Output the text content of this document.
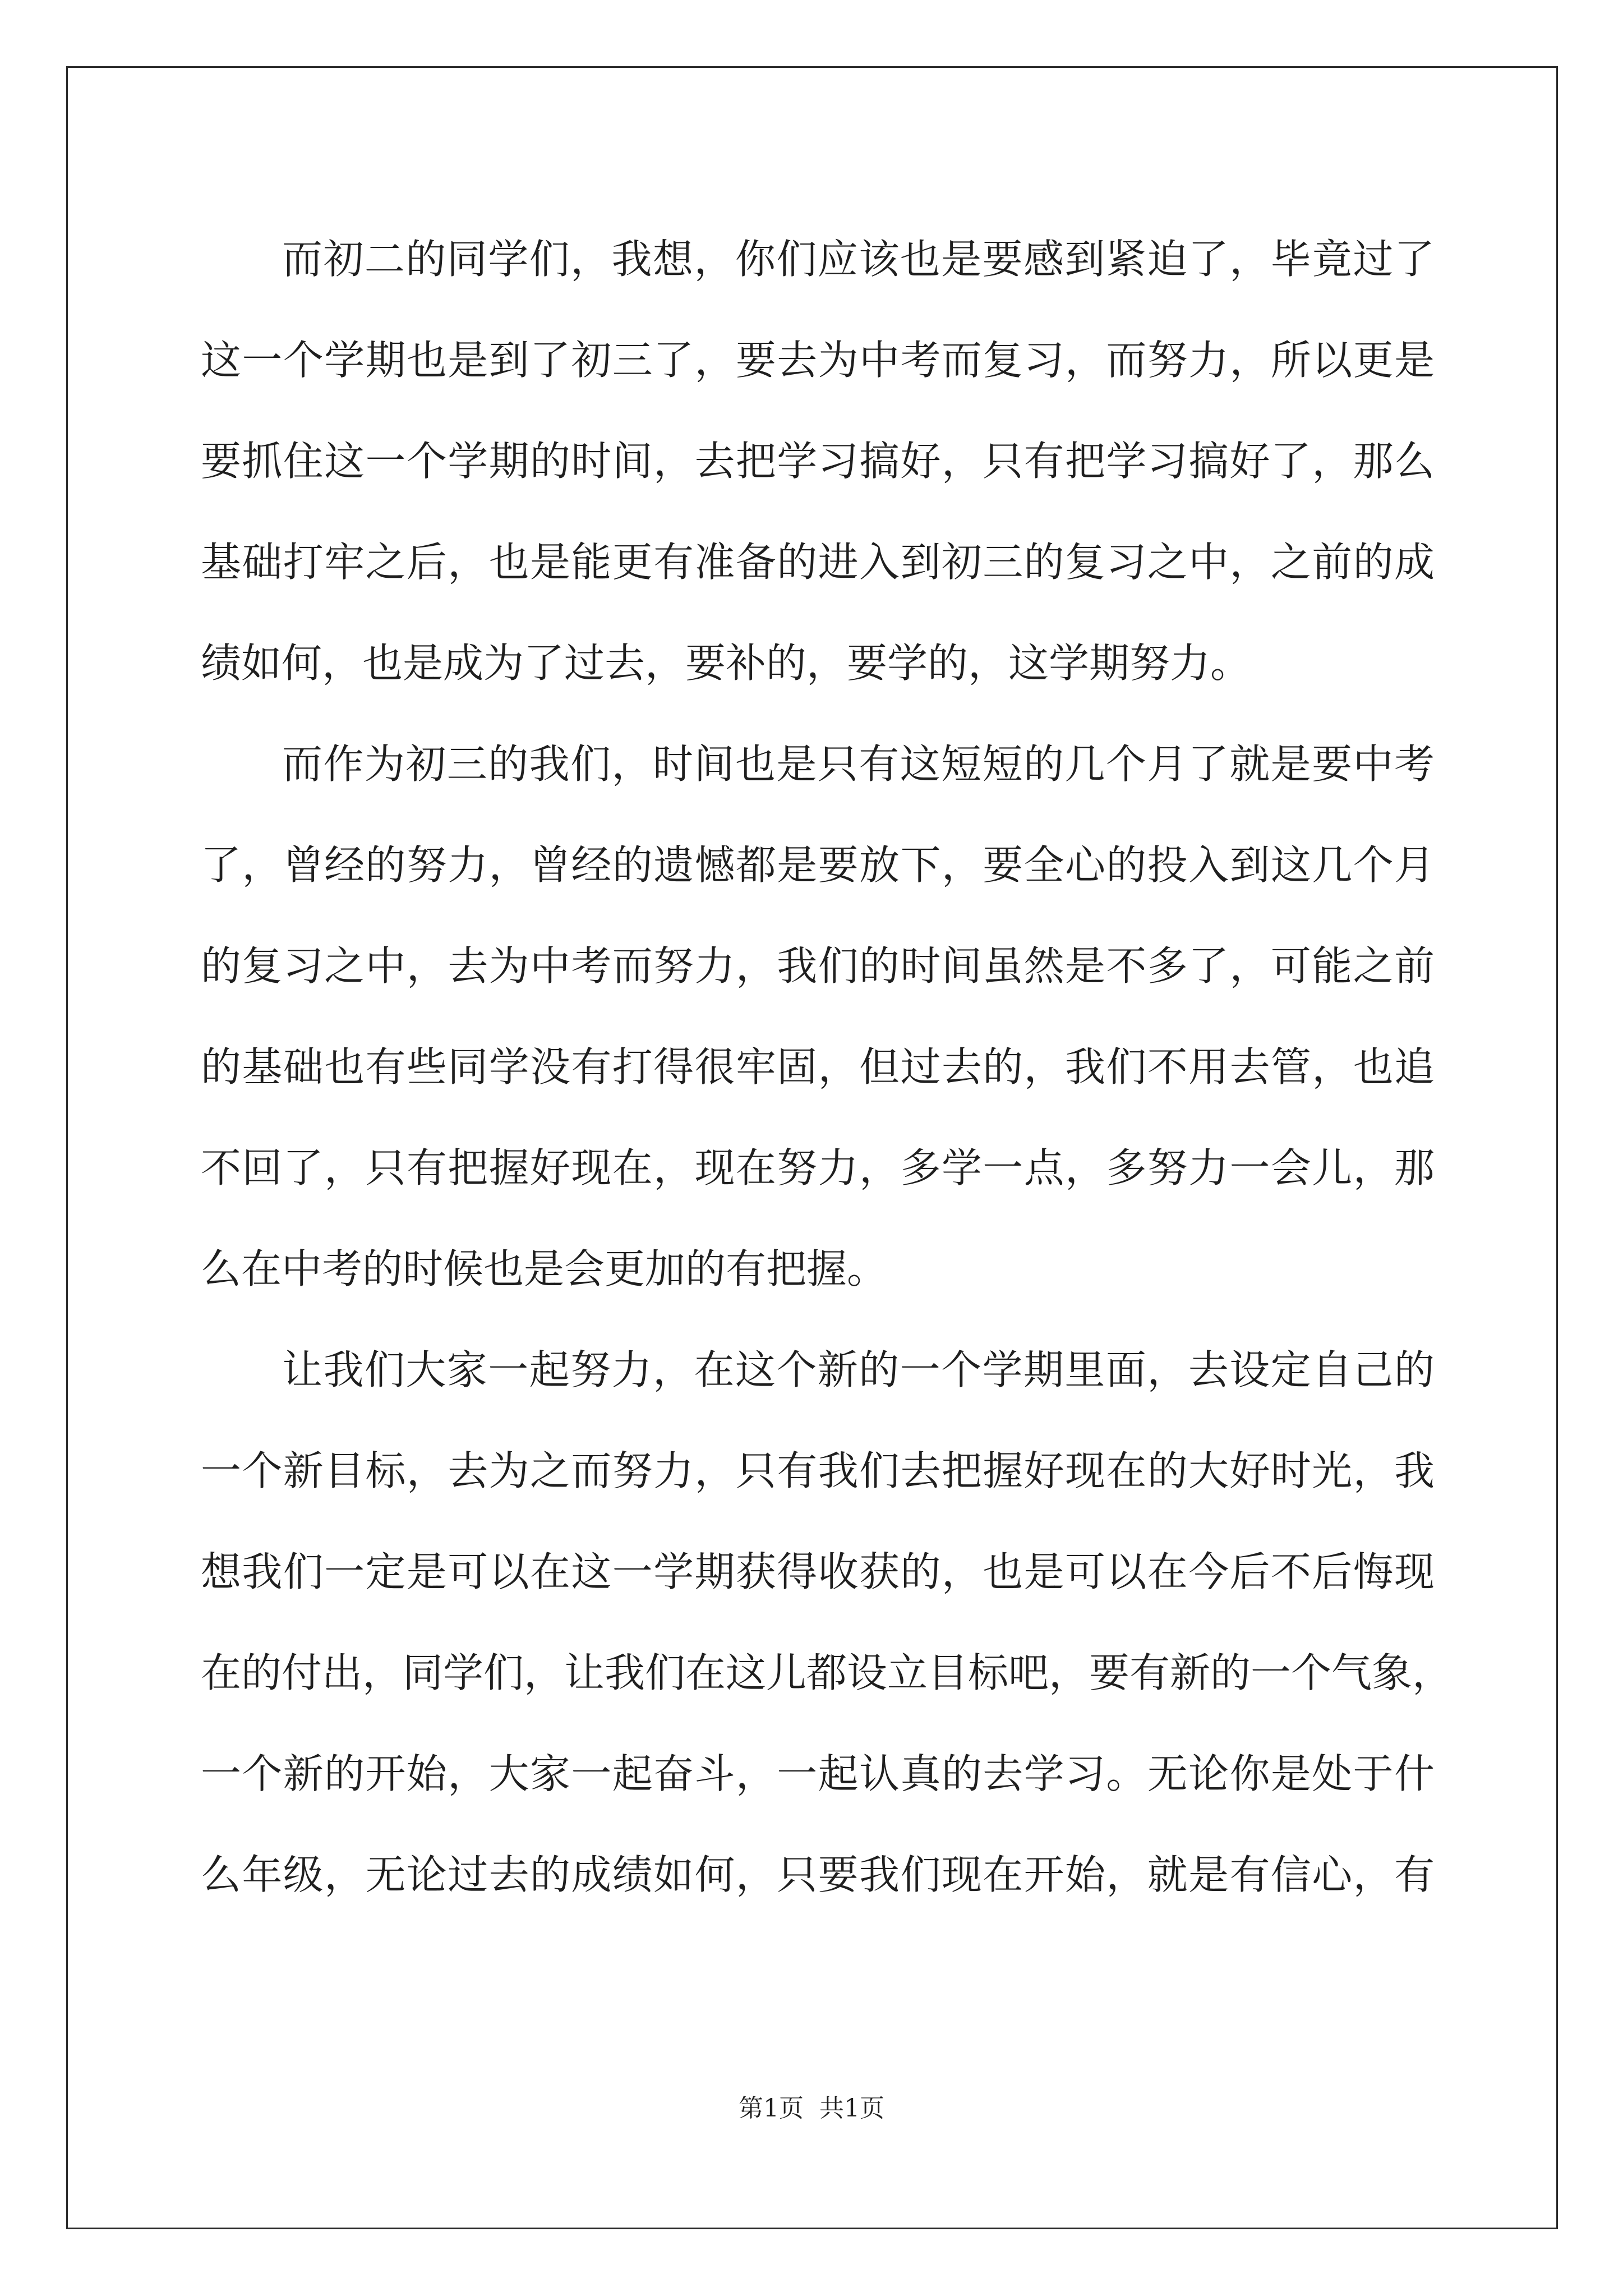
而初二的同学们，我想，你们应该也是要感到紧迫了，毕竟过了
这一个学期也是到了初三了，要去为中考而复习，而努力，所以更是
要抓住这一个学期的时间，去把学习搞好，只有把学习搞好了，那么
基础打牢之后，也是能更有准备的进入到初三的复习之中，之前的成
绩如何，也是成为了过去，要补的，要学的，这学期努力。
而作为初三的我们，时间也是只有这短短的几个月了就是要中考
了，曾经的努力，曾经的遗憾都是要放下，要全心的投入到这几个月
的复习之中，去为中考而努力，我们的时间虽然是不多了，可能之前
的基础也有些同学没有打得很牢固，但过去的，我们不用去管，也追
不回了，只有把握好现在，现在努力，多学一点，多努力一会儿，那
么在中考的时候也是会更加的有把握。
让我们大家一起努力，在这个新的一个学期里面，去设定自己的
一个新目标，去为之而努力，只有我们去把握好现在的大好时光，我
想我们一定是可以在这一学期获得收获的，也是可以在今后不后悔现
在的付出，同学们，让我们在这儿都设立目标吧，要有新的一个气象，
一个新的开始，大家一起奋斗，一起认真的去学习。无论你是处于什
么年级，无论过去的成绩如何，只要我们现在开始，就是有信心，有
第1页  共1页
